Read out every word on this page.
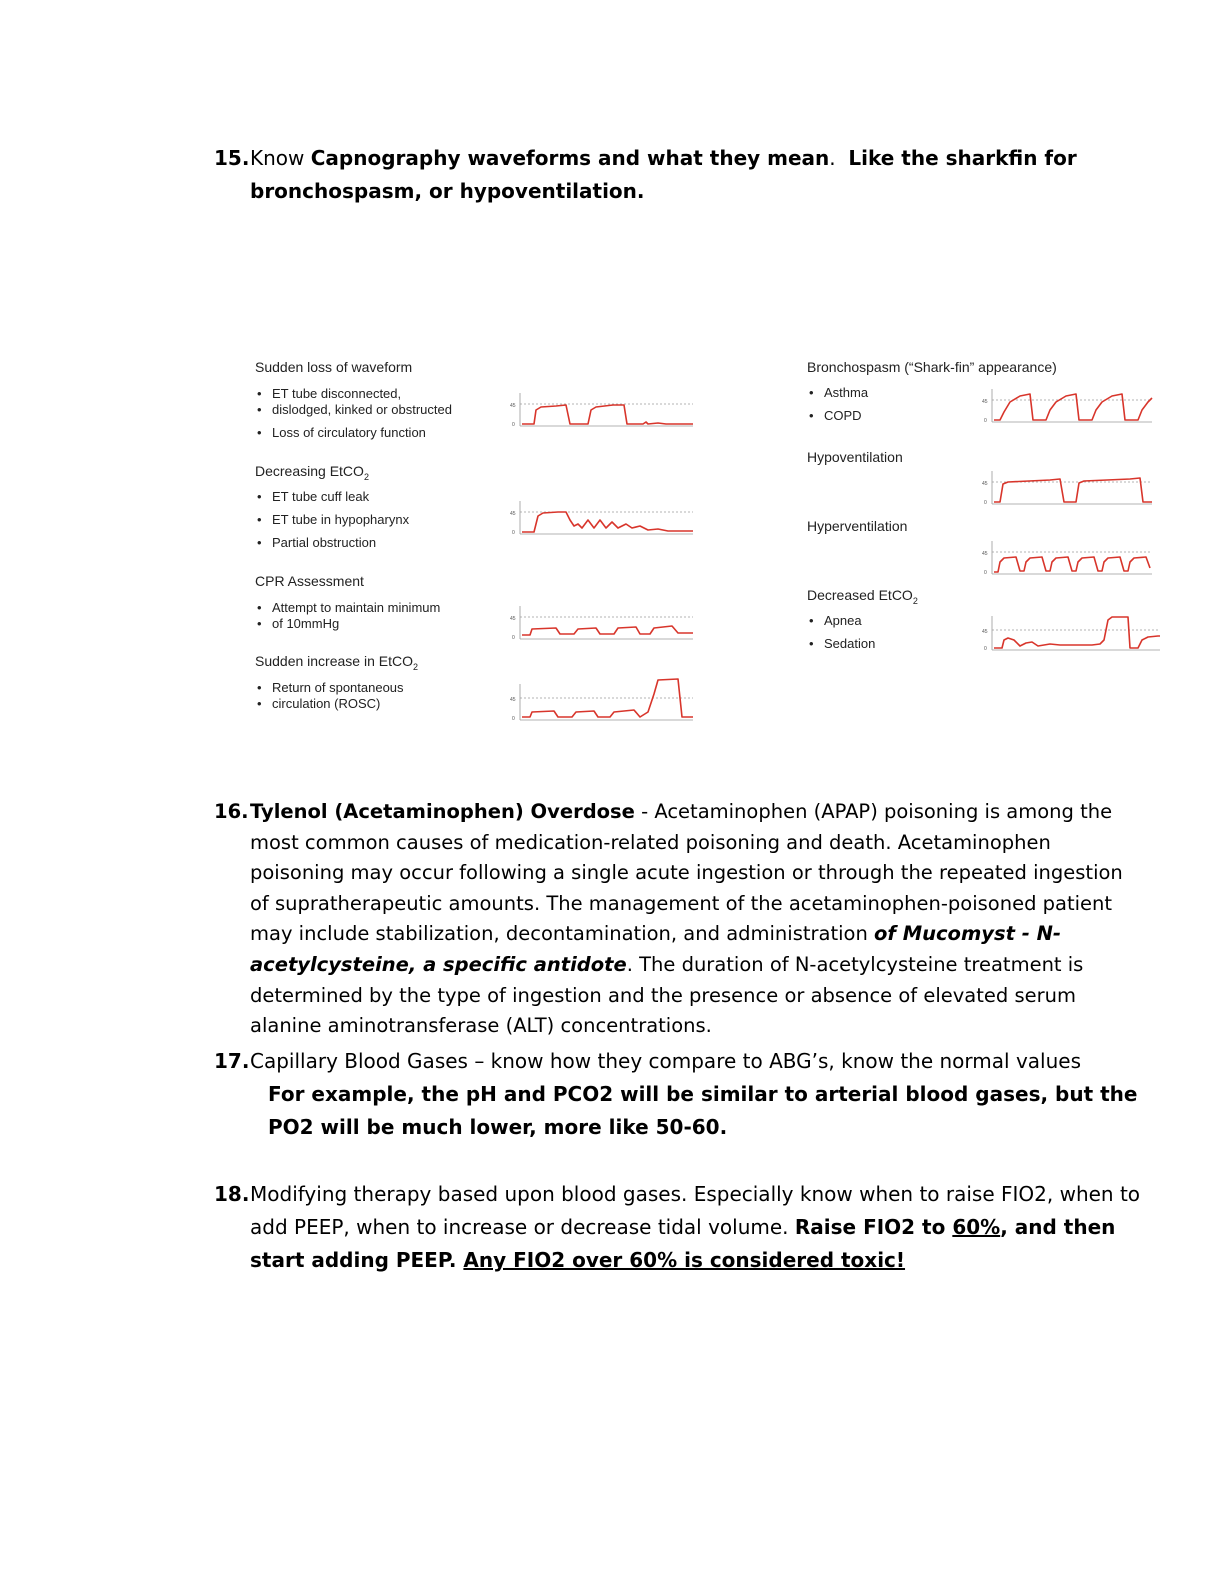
15. Know Capnography waveforms and what they mean. Like the sharkfin for bronchospasm, or hypoventilation.
Sudden loss of waveform
• ET tube disconnected,
• dislodged, kinked or obstructed
• Loss of circulatory function
Decreasing EtCO$_2$
• ET tube cuff leak
• ET tube in hypopharynx
• Partial obstruction
CPR Assessment
• Attempt to maintain minimum
• of 10mmHg
Sudden increase in EtCO$_2$
• Return of spontaneous
• circulation (ROSC)
Bronchospasm (“Shark-fin” appearance)
• Asthma
• COPD
Hypoventilation
Hyperventilation
Decreased EtCO$_2$
• Apnea
• Sedation
45
0
45
0
45
0
45
0
45
0
45
0
45
0
45
0
16. Tylenol (Acetaminophen) Overdose - Acetaminophen (APAP) poisoning is among the most common causes of medication-related poisoning and death. Acetaminophen poisoning may occur following a single acute ingestion or through the repeated ingestion of supratherapeutic amounts. The management of the acetaminophen-poisoned patient may include stabilization, decontamination, and administration of Mucomyst - N-acetylcysteine, a specific antidote. The duration of N-acetylcysteine treatment is determined by the type of ingestion and the presence or absence of elevated serum alanine aminotransferase (ALT) concentrations.
17. Capillary Blood Gases – know how they compare to ABG’s, know the normal values
For example, the pH and PCO2 will be similar to arterial blood gases, but the PO2 will be much lower, more like 50-60.
18. Modifying therapy based upon blood gases. Especially know when to raise FIO2, when to add PEEP, when to increase or decrease tidal volume. Raise FIO2 to 60%, and then start adding PEEP. Any FIO2 over 60% is considered toxic!
